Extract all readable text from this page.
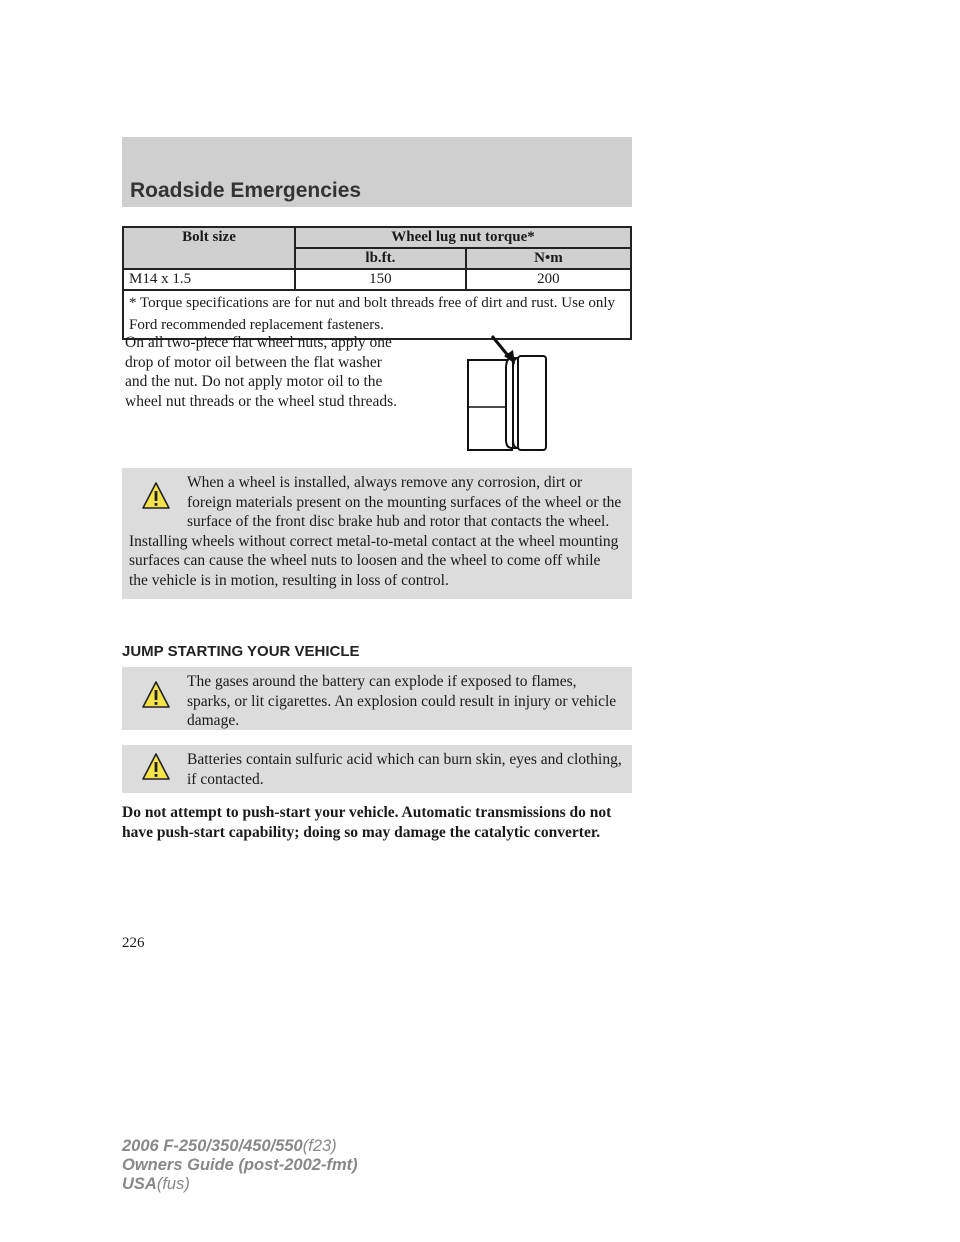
Roadside Emergencies
Bolt size	Wheel lug nut torque*	
	lb.ft.	N•m
M14 x 1.5	150	200
* Torque specifications are for nut and bolt threads free of dirt and rust. Use only Ford recommended replacement fasteners.		

On all two-piece flat wheel nuts, apply one drop of motor oil between the flat washer and the nut. Do not apply motor oil to the wheel nut threads or the wheel stud threads.

When a wheel is installed, always remove any corrosion, dirt or foreign materials present on the mounting surfaces of the wheel or the surface of the front disc brake hub and rotor that contacts the wheel. Installing wheels without correct metal-to-metal contact at the wheel mounting surfaces can cause the wheel nuts to loosen and the wheel to come off while the vehicle is in motion, resulting in loss of control.
JUMP STARTING YOUR VEHICLE
The gases around the battery can explode if exposed to flames, sparks, or lit cigarettes. An explosion could result in injury or vehicle damage.
Batteries contain sulfuric acid which can burn skin, eyes and clothing, if contacted.

Do not attempt to push-start your vehicle. Automatic transmissions do not have push-start capability; doing so may damage the catalytic converter.

226

2006 F-250/350/450/550(f23)
Owners Guide (post-2002-fmt)
USA(fus)
